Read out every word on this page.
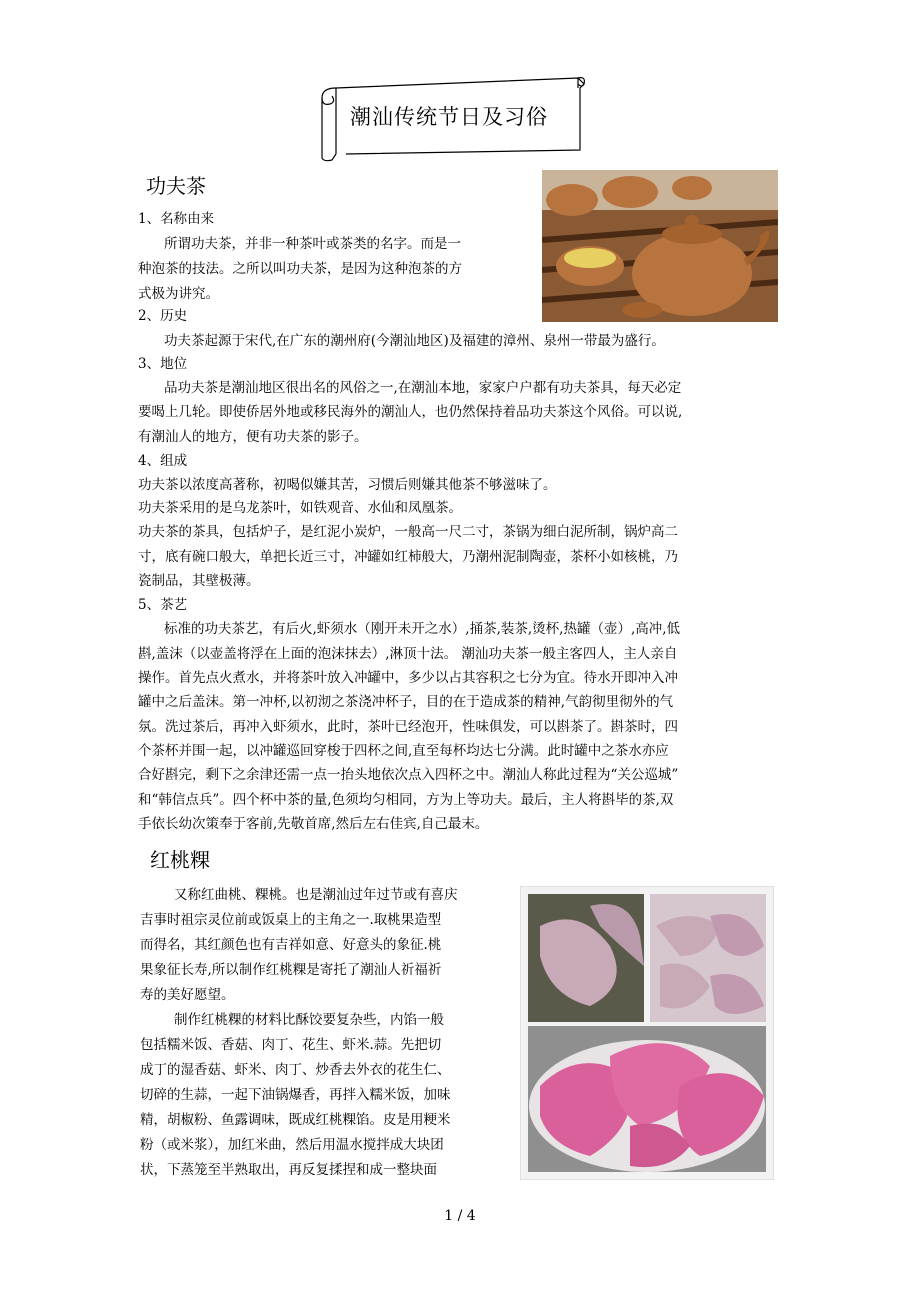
潮汕传统节日及习俗
功夫茶
1、名称由来
所谓功夫茶，并非一种茶叶或茶类的名字。而是一
种泡茶的技法。之所以叫功夫茶，是因为这种泡茶的方
式极为讲究。
2、历史
功夫茶起源于宋代,在广东的潮州府(今潮汕地区)及福建的漳州、泉州一带最为盛行。
3、地位
品功夫茶是潮汕地区很出名的风俗之一,在潮汕本地，家家户户都有功夫茶具，每天必定
要喝上几轮。即使侨居外地或移民海外的潮汕人，也仍然保持着品功夫茶这个风俗。可以说,
有潮汕人的地方，便有功夫茶的影子。
4、组成
功夫茶以浓度高著称，初喝似嫌其苦，习惯后则嫌其他茶不够滋味了。
功夫茶采用的是乌龙茶叶，如铁观音、水仙和凤凰茶。
功夫茶的茶具，包括炉子，是红泥小炭炉，一般高一尺二寸，茶锅为细白泥所制，锅炉高二
寸，底有碗口般大，单把长近三寸，冲罐如红柿般大，乃潮州泥制陶壶，茶杯小如核桃，乃
瓷制品，其壁极薄。
5、茶艺
标准的功夫茶艺，有后火,虾须水（刚开未开之水）,捅茶,装茶,烫杯,热罐（壶）,高冲,低
斟,盖沫（以壶盖将浮在上面的泡沫抹去）,淋顶十法。 潮汕功夫茶一般主客四人，主人亲自
操作。首先点火煮水，并将茶叶放入冲罐中，多少以占其容积之七分为宜。待水开即冲入冲
罐中之后盖沫。第一冲杯,以初沏之茶浇冲杯子，目的在于造成茶的精神,气韵彻里彻外的气
氛。洗过茶后，再冲入虾须水，此时，茶叶已经泡开，性味俱发，可以斟茶了。斟茶时，四
个茶杯并围一起，以冲罐巡回穿梭于四杯之间,直至每杯均达七分满。此时罐中之茶水亦应
合好斟完，剩下之余津还需一点一抬头地依次点入四杯之中。潮汕人称此过程为“关公巡城”
和“韩信点兵”。四个杯中茶的量,色须均匀相同，方为上等功夫。最后，主人将斟毕的茶,双
手依长幼次策奉于客前,先敬首席,然后左右佳宾,自己最末。
红桃粿
又称红曲桃、粿桃。也是潮汕过年过节或有喜庆
吉事时祖宗灵位前或饭桌上的主角之一.取桃果造型
而得名，其红颜色也有吉祥如意、好意头的象征.桃
果象征长寿,所以制作红桃粿是寄托了潮汕人祈福祈
寿的美好愿望。
制作红桃粿的材料比酥饺要复杂些，内馅一般
包括糯米饭、香菇、肉丁、花生、虾米.蒜。先把切
成丁的湿香菇、虾米、肉丁、炒香去外衣的花生仁、
切碎的生蒜，一起下油锅爆香，再拌入糯米饭，加味
精，胡椒粉、鱼露调味，既成红桃粿馅。皮是用粳米
粉（或米浆），加红米曲，然后用温水搅拌成大块团
状，下蒸笼至半熟取出，再反复揉捏和成一整块面
1 / 4
